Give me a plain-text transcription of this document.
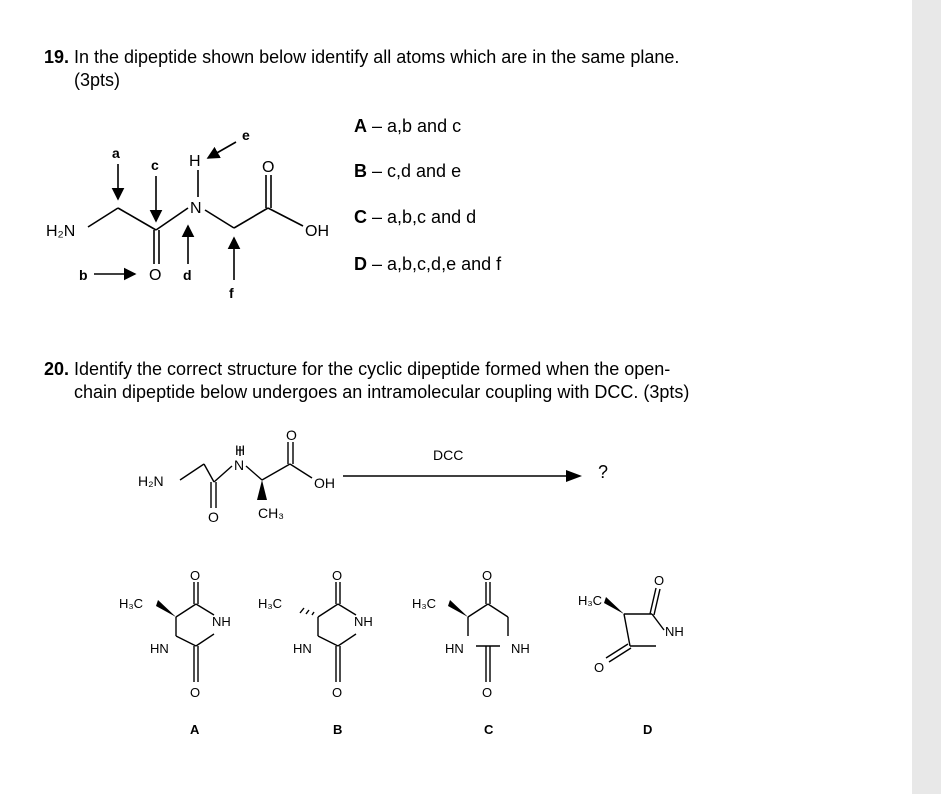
19. In the dipeptide shown below identify all atoms which are in the same plane.
(3pts)
A – a,b and c
B – c,d and e
C – a,b,c and d
D – a,b,c,d,e and f
H₂N
H
N
O
O
OH
a
b
c
d
e
f
20. Identify the correct structure for the cyclic dipeptide formed when the open-
chain dipeptide below undergoes an intramolecular coupling with DCC. (3pts)
H₂N
H
N
O
O
OH
CH₃
DCC
?
O
O
H₃C
NH
HN
A
O
O
H₃C
NH
HN
B
O
O
H₃C
NH
HN
C
O
O
H₃C
NH
D
